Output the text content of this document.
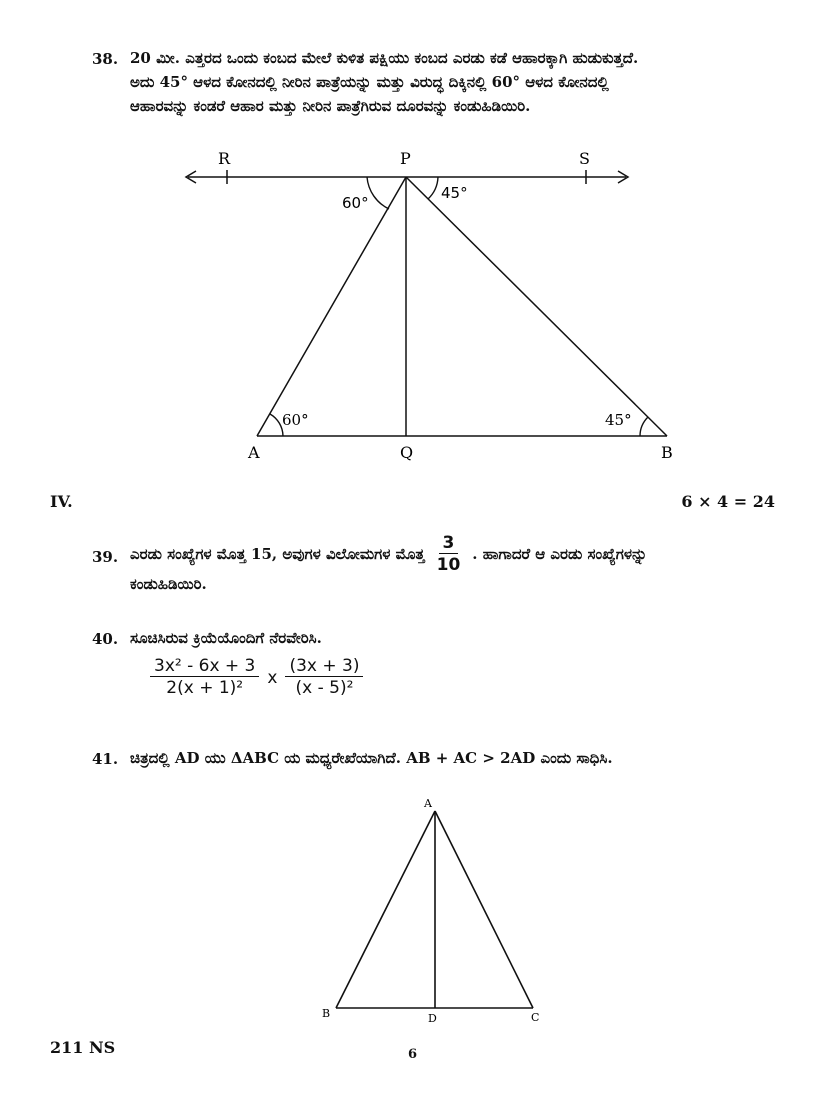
38. 20 ಮೀ. ಎತ್ತರದ ಒಂದು ಕಂಬದ ಮೇಲೆ ಕುಳಿತ ಪಕ್ಷಿಯು ಕಂಬದ ಎರಡು ಕಡೆ ಆಹಾರಕ್ಕಾಗಿ ಹುಡುಕುತ್ತದೆ.
ಅದು 45° ಆಳದ ಕೋನದಲ್ಲಿ ನೀರಿನ ಪಾತ್ರೆಯನ್ನು ಮತ್ತು ವಿರುದ್ಧ ದಿಕ್ಕಿನಲ್ಲಿ 60° ಆಳದ ಕೋನದಲ್ಲಿ
ಆಹಾರವನ್ನು ಕಂಡರೆ ಆಹಾರ ಮತ್ತು ನೀರಿನ ಪಾತ್ರೆಗಿರುವ ದೂರವನ್ನು ಕಂಡುಹಿಡಿಯಿರಿ.
R	P	S
A	Q	B
60°
45°
60°	45°
IV.	6 × 4 = 24
39. ಎರಡು ಸಂಖ್ಯೆಗಳ ಮೊತ್ತ 15, ಅವುಗಳ ವಿಲೋಮಗಳ ಮೊತ್ತ $\frac{3}{10}$ . ಹಾಗಾದರೆ ಆ ಎರಡು ಸಂಖ್ಯೆಗಳನ್ನು
ಕಂಡುಹಿಡಿಯಿರಿ.
40. ಸೂಚಿಸಿರುವ ಕ್ರಿಯೆಯೊಂದಿಗೆ ನೆರವೇರಿಸಿ.
$\frac{\text{3x² - 6x + 3}}{\text{2(x + 1)²}}$ x $\frac{(3x + 3)}{\text{(x - 5)²}}$
41. ಚಿತ್ರದಲ್ಲಿ AD ಯು ΔABC ಯ ಮಧ್ಯರೇಖೆಯಾಗಿದೆ. AB + AC > 2AD ಎಂದು ಸಾಧಿಸಿ.
A
B	C
D
211 NS	6
